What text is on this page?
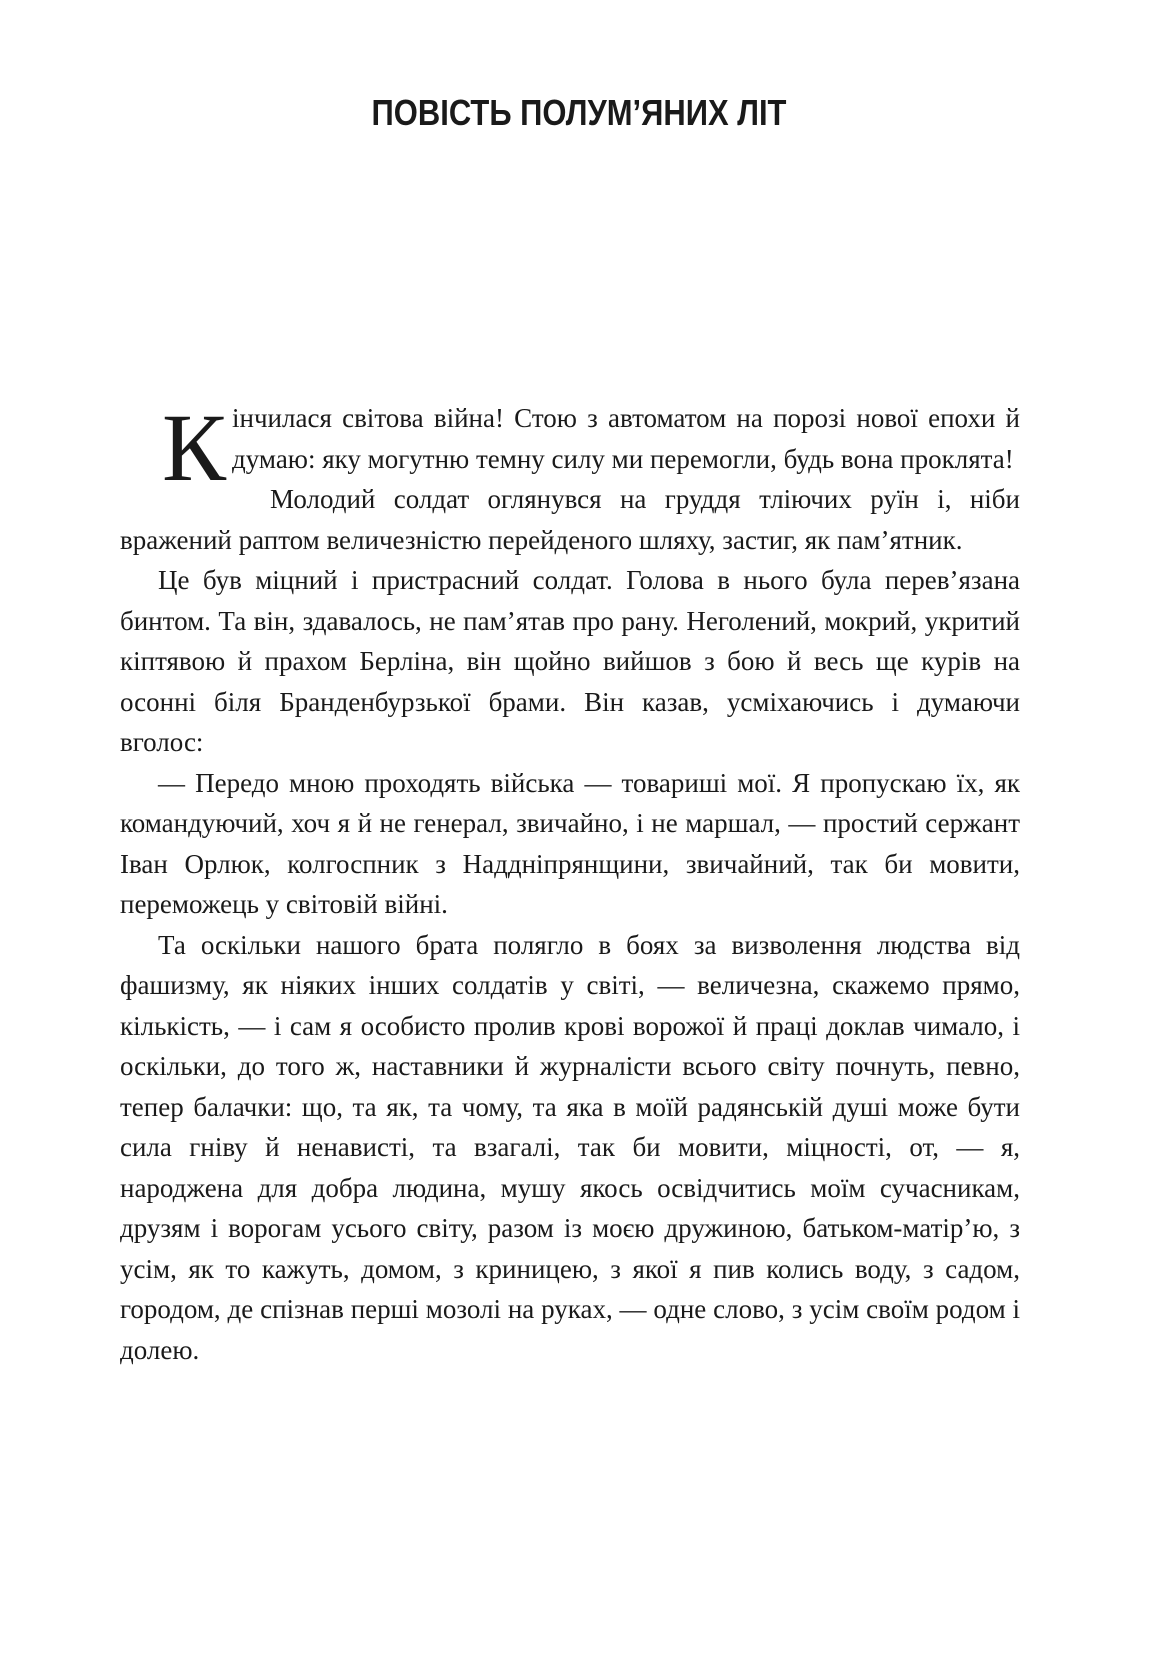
ПОВІСТЬ ПОЛУМ’ЯНИХ ЛІТ

Кінчилася світова війна! Стою з автоматом на порозі нової епохи й думаю: яку могутню темну силу ми перемогли, будь вона проклята!

Молодий солдат оглянувся на груддя тліючих руїн і, ніби вражений раптом величезністю перейденого шляху, застиг, як пам’ятник.

Це був міцний і пристрасний солдат. Голова в нього була перев’язана бинтом. Та він, здавалось, не пам’ятав про рану. Неголений, мокрий, укритий кіптявою й прахом Берліна, він щойно вийшов з бою й весь ще курів на осонні біля Бранденбурзької брами. Він казав, усміхаючись і думаючи вголос:

— Передо мною проходять війська — товариші мої. Я пропускаю їх, як командуючий, хоч я й не генерал, звичайно, і не маршал, — простий сержант Іван Орлюк, колгоспник з Наддніпрянщини, звичайний, так би мовити, переможець у світовій війні.

Та оскільки нашого брата полягло в боях за визволення людства від фашизму, як ніяких інших солдатів у світі, — величезна, скажемо прямо, кількість, — і сам я особисто пролив крові ворожої й праці доклав чимало, і оскільки, до того ж, наставники й журналісти всього світу почнуть, певно, тепер балачки: що, та як, та чому, та яка в моїй радянській душі може бути сила гніву й ненависті, та взагалі, так би мовити, міцності, от, — я, народжена для добра людина, мушу якось освідчитись моїм сучасникам, друзям і ворогам усього світу, разом із моєю дружиною, батьком-матір’ю, з усім, як то кажуть, домом, з криницею, з якої я пив колись воду, з садом, городом, де спізнав перші мозолі на руках, — одне слово, з усім своїм родом і долею.
